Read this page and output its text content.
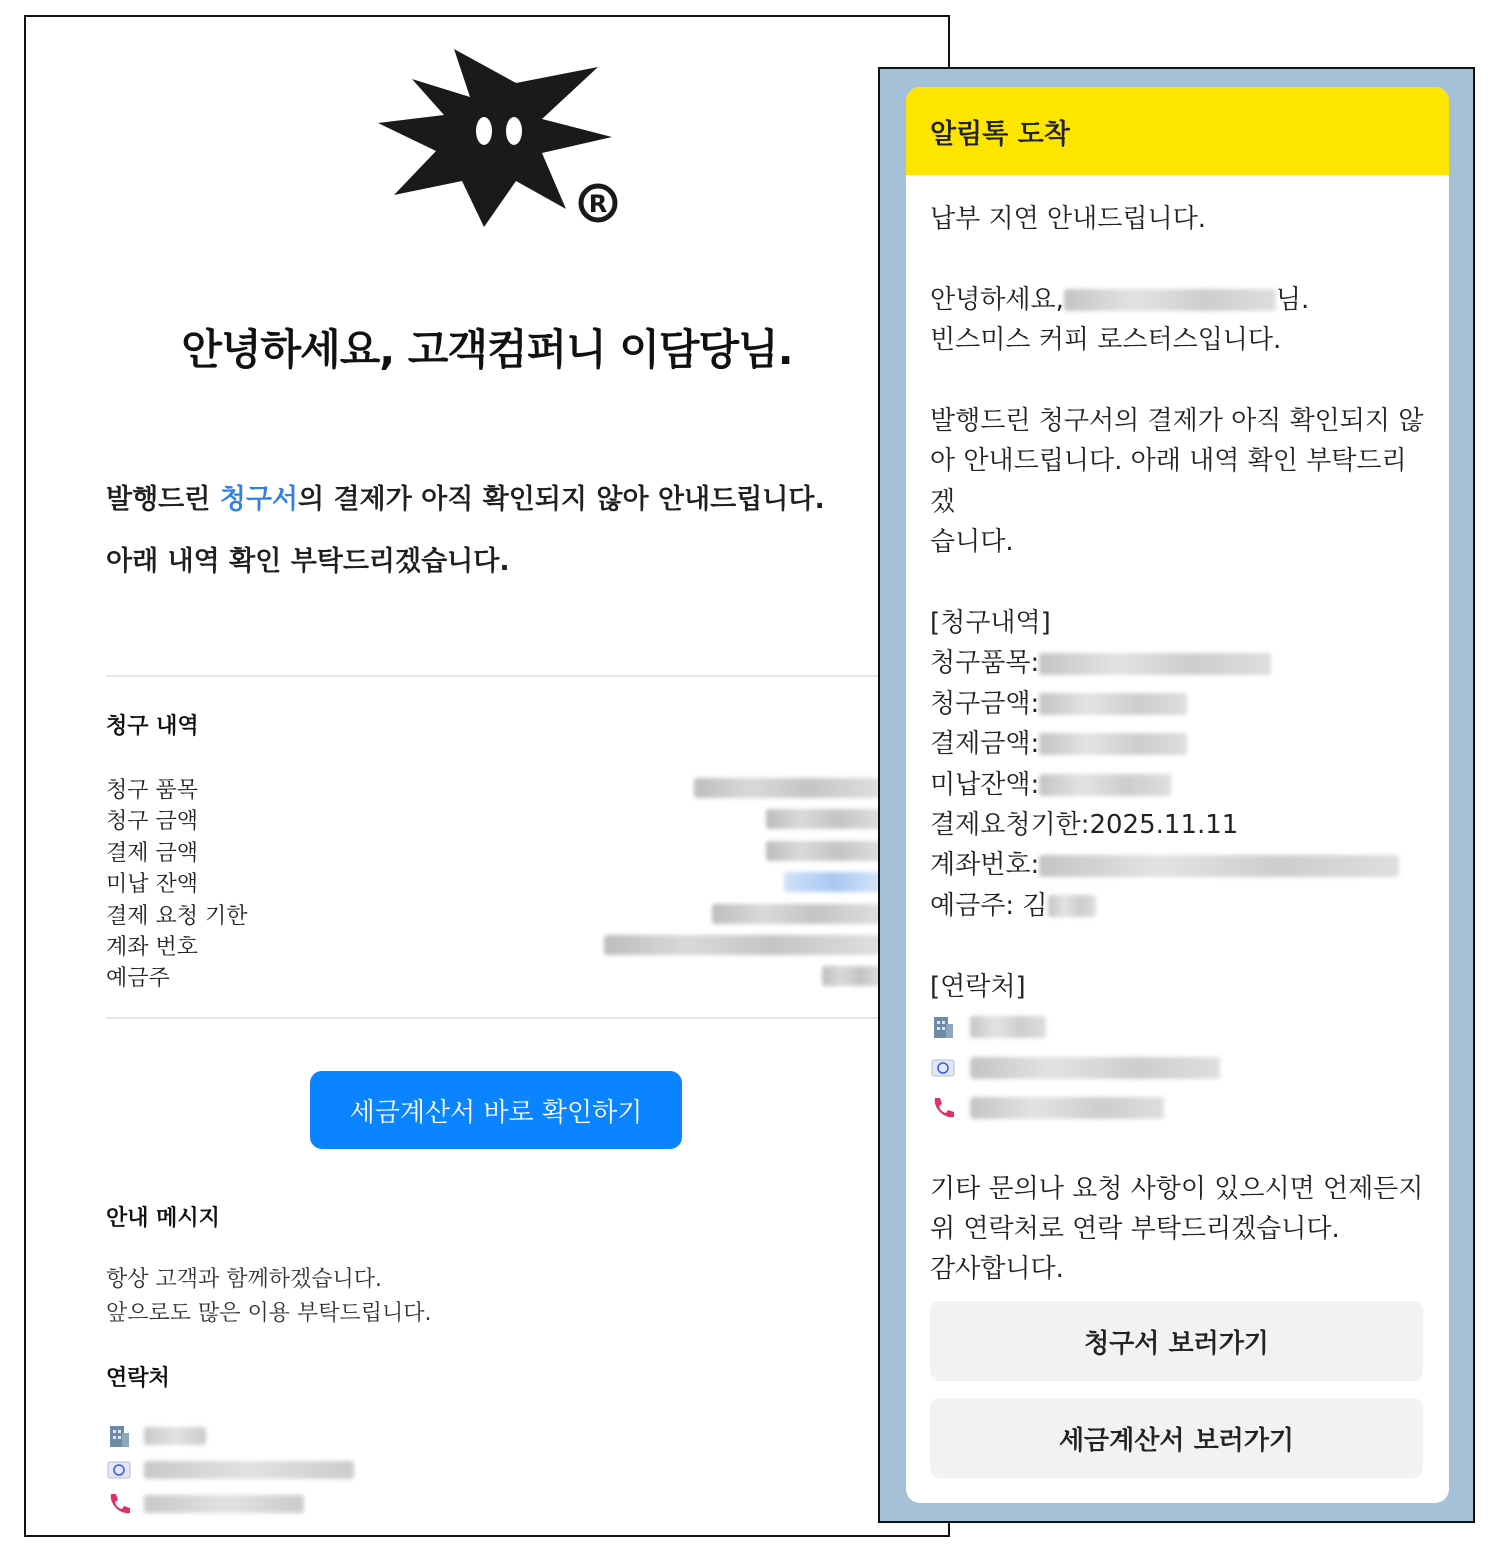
R
안녕하세요, 고객컴퍼니 이담당님.
발행드린 청구서의 결제가 아직 확인되지 않아 안내드립니다.
아래 내역 확인 부탁드리겠습니다.
청구 내역
청구 품목
청구 금액
결제 금액
미납 잔액
결제 요청 기한
계좌 번호
예금주
세금계산서 바로 확인하기
안내 메시지
항상 고객과 함께하겠습니다.
앞으로도 많은 이용 부탁드립니다.
연락처
알림톡 도착
납부 지연 안내드립니다.
안녕하세요,	님.
빈스미스 커피 로스터스입니다.
발행드린 청구서의 결제가 아직 확인되지 않
아 안내드립니다. 아래 내역 확인 부탁드리겠
습니다.
[청구내역]
청구품목:
청구금액:
결제금액:
미납잔액:
결제요청기한: 2025.11.11
계좌번호:
예금주: 김
[연락처]
기타 문의나 요청 사항이 있으시면 언제든지
위 연락처로 연락 부탁드리겠습니다.
감사합니다.
청구서 보러가기
세금계산서 보러가기
